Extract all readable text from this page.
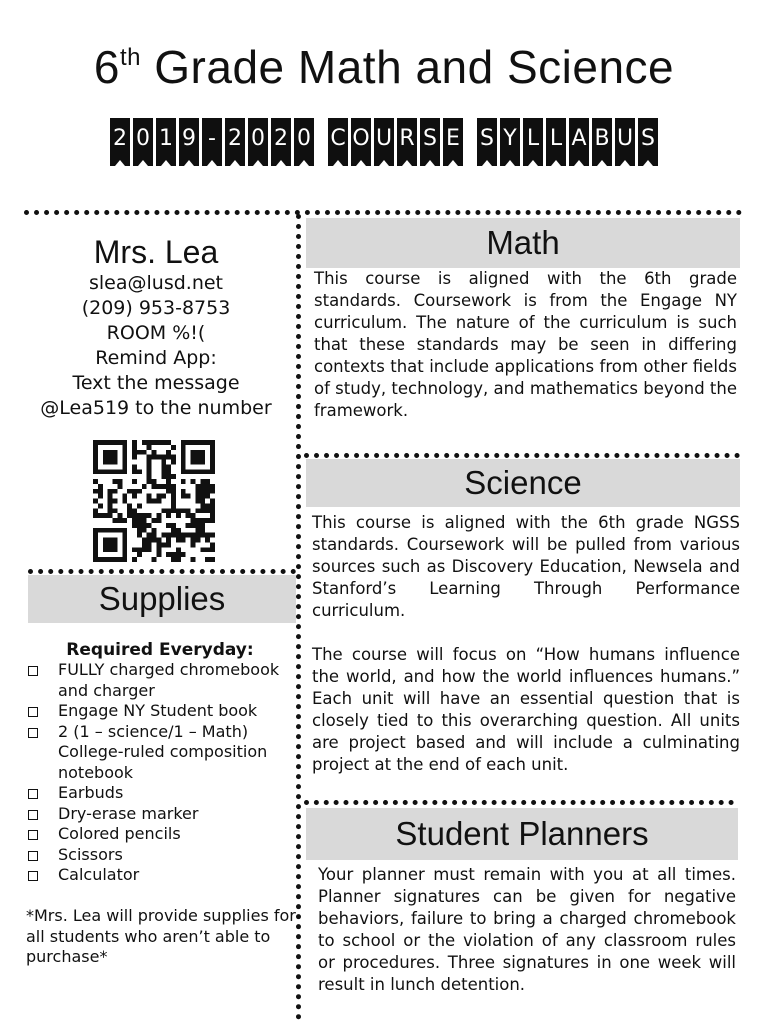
6th Grade Math and Science
2 0 1 9 - 2 0 2 0 C O U R S E S Y L L A B U S
Mrs. Lea
slea@lusd.net
(209) 953-8753
ROOM %!(
Remind App:
Text the message
@Lea519 to the number
Math

This course is aligned with the 6th grade standards. Coursework is from the Engage NY curriculum. The nature of the curriculum is such that these standards may be seen in differing contexts that include applications from other fields of study, technology, and mathematics beyond the framework.

Science

This course is aligned with the 6th grade NGSS standards. Coursework will be pulled from various sources such as Discovery Education, Newsela and Stanford’s Learning Through Performance curriculum.

The course will focus on “How humans influence the world, and how the world influences humans.” Each unit will have an essential question that is closely tied to this overarching question. All units are project based and will include a culminating project at the end of each unit.

Supplies
Required Everyday:
FULLY charged chromebook and charger
Engage NY Student book
2 (1 – science/1 – Math) College-ruled composition notebook
Earbuds
Dry-erase marker
Colored pencils
Scissors
Calculator
*Mrs. Lea will provide supplies for all students who aren’t able to purchase*
Student Planners

Your planner must remain with you at all times. Planner signatures can be given for negative behaviors, failure to bring a charged chromebook to school or the violation of any classroom rules or procedures. Three signatures in one week will result in lunch detention.
